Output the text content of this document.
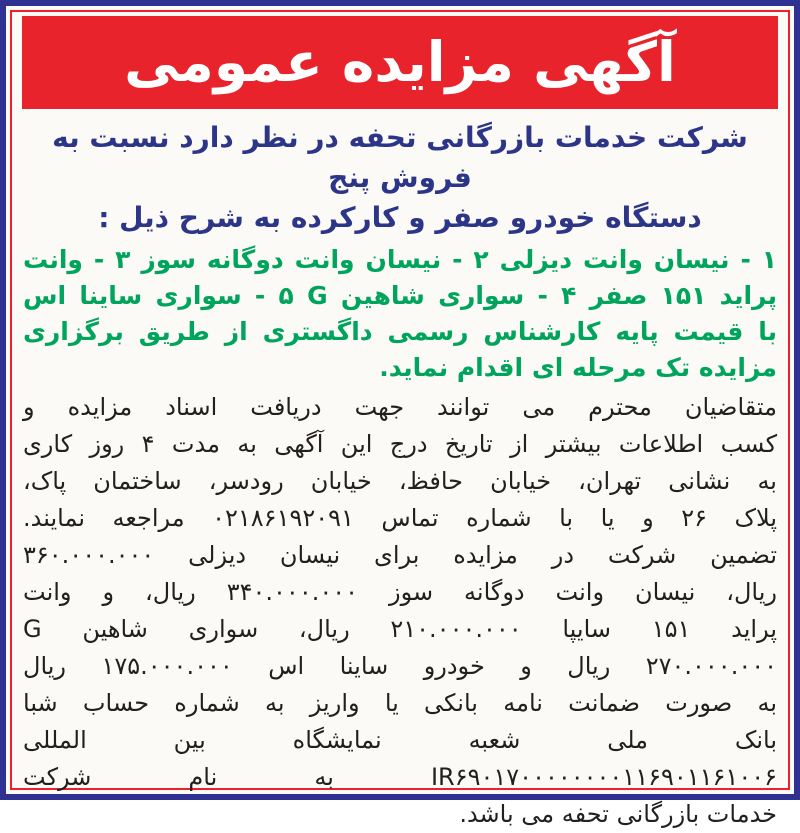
آگهی مزایده عمومی
شرکت خدمات بازرگانی تحفه در نظر دارد نسبت به فروش پنج
دستگاه خودرو صفر و کارکرده به شرح ذیل :
۱ - نیسان وانت دیزلی ۲ - نیسان وانت دوگانه سوز ۳ - وانت
پراید ۱۵۱ صفر ۴ - سواری شاهین G‏ ۵ - سواری ساینا اس
با قیمت پایه کارشناس رسمی داگستری از طریق برگزاری
مزایده تک مرحله ای اقدام نماید.
متقاضیان محترم می توانند جهت دریافت اسناد مزایده و
کسب اطلاعات بیشتر از تاریخ درج این آگهی به مدت ۴ روز کاری
به نشانی تهران، خیابان حافظ، خیابان رودسر، ساختمان پاک،
پلاک ۲۶ و یا با شماره تماس ۰۲۱۸۶۱۹۲۰۹۱ مراجعه نمایند.
تضمین شرکت در مزایده برای نیسان دیزلی ۳۶۰.۰۰۰.۰۰۰
ریال، نیسان وانت دوگانه سوز ۳۴۰.۰۰۰.۰۰۰ ریال، و وانت
پراید ۱۵۱ سایپا ۲۱۰.۰۰۰.۰۰۰ ریال، سواری شاهین G
۲۷۰.۰۰۰.۰۰۰ ریال و خودرو ساینا اس ۱۷۵.۰۰۰.۰۰۰ ریال
به صورت ضمانت نامه بانکی یا واریز به شماره حساب شبا
بانک ملی شعبه نمایشگاه بین المللی
IR۶۹۰۱۷۰۰۰۰۰۰۰۰۱۱۶۹۰۱۱۶۱۰۰۶ به نام شرکت
خدمات بازرگانی تحفه می باشد.
